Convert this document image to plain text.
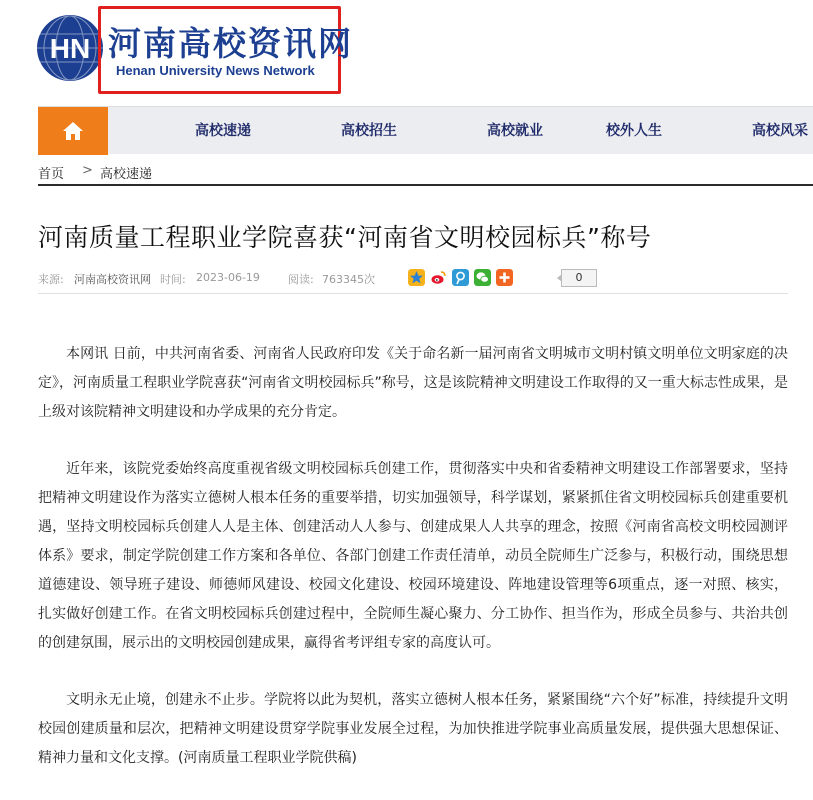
HN 河南高校资讯网
Henan University News Network
高校速递	高校招生	高校就业	校外人生	高校风采
首页 > 高校速递
河南质量工程职业学院喜获“河南省文明校园标兵”称号
来源: 河南高校资讯网 时间: 2023-06-19	阅读: 763345次	0

本网讯 日前，中共河南省委、河南省人民政府印发《关于命名新一届河南省文明城市文明村镇文明单位文明家庭的决定》，河南质量工程职业学院喜获“河南省文明校园标兵”称号，这是该院精神文明建设工作取得的又一重大标志性成果，是上级对该院精神文明建设和办学成果的充分肯定。

近年来，该院党委始终高度重视省级文明校园标兵创建工作，贯彻落实中央和省委精神文明建设工作部署要求，坚持把精神文明建设作为落实立德树人根本任务的重要举措，切实加强领导，科学谋划，紧紧抓住省文明校园标兵创建重要机遇，坚持文明校园标兵创建人人是主体、创建活动人人参与、创建成果人人共享的理念，按照《河南省高校文明校园测评体系》要求，制定学院创建工作方案和各单位、各部门创建工作责任清单，动员全院师生广泛参与，积极行动，围绕思想道德建设、领导班子建设、师德师风建设、校园文化建设、校园环境建设、阵地建设管理等6项重点，逐一对照、核实，扎实做好创建工作。在省文明校园标兵创建过程中，全院师生凝心聚力、分工协作、担当作为，形成全员参与、共治共创的创建氛围，展示出的文明校园创建成果，赢得省考评组专家的高度认可。

文明永无止境，创建永不止步。学院将以此为契机，落实立德树人根本任务，紧紧围绕“六个好”标准，持续提升文明校园创建质量和层次，把精神文明建设贯穿学院事业发展全过程，为加快推进学院事业高质量发展，提供强大思想保证、精神力量和文化支撑。(河南质量工程职业学院供稿)
